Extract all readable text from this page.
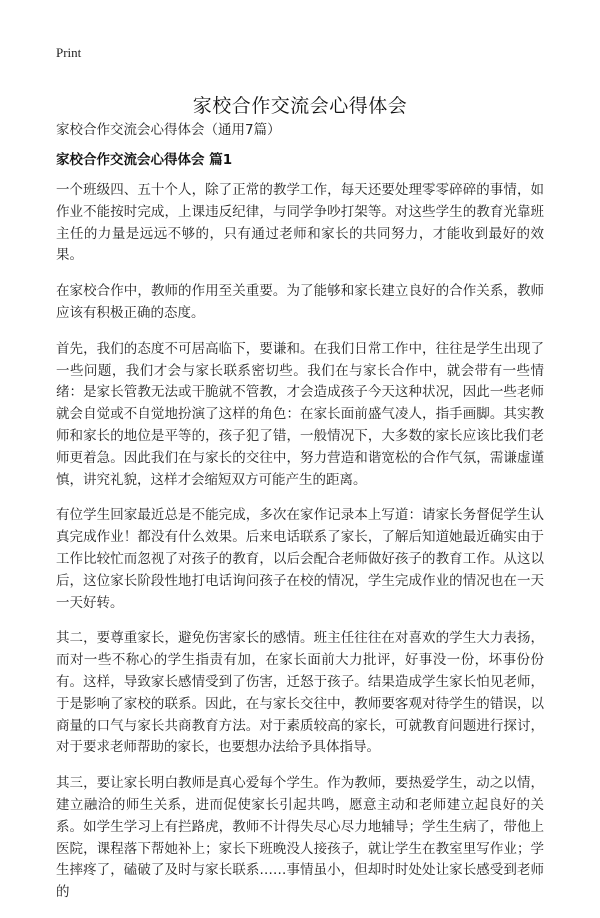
Print
家校合作交流会心得体会
家校合作交流会心得体会（通用7篇）
家校合作交流会心得体会 篇1

一个班级四、五十个人，除了正常的教学工作，每天还要处理零零碎碎的事情，如作业不能按时完成，上课违反纪律，与同学争吵打架等。对这些学生的教育光靠班主任的力量是远远不够的，只有通过老师和家长的共同努力，才能收到最好的效果。

在家校合作中，教师的作用至关重要。为了能够和家长建立良好的合作关系，教师应该有积极正确的态度。

首先，我们的态度不可居高临下，要谦和。在我们日常工作中，往往是学生出现了一些问题，我们才会与家长联系密切些。我们在与家长合作中，就会带有一些情绪：是家长管教无法或干脆就不管教，才会造成孩子今天这种状况，因此一些老师就会自觉或不自觉地扮演了这样的角色：在家长面前盛气凌人，指手画脚。其实教师和家长的地位是平等的，孩子犯了错，一般情况下，大多数的家长应该比我们老师更着急。因此我们在与家长的交往中，努力营造和谐宽松的合作气氛，需谦虚谨慎，讲究礼貌，这样才会缩短双方可能产生的距离。

有位学生回家最近总是不能完成，多次在家作记录本上写道：请家长务督促学生认真完成作业！都没有什么效果。后来电话联系了家长，了解后知道她最近确实由于工作比较忙而忽视了对孩子的教育，以后会配合老师做好孩子的教育工作。从这以后，这位家长阶段性地打电话询问孩子在校的情况，学生完成作业的情况也在一天一天好转。

其二，要尊重家长，避免伤害家长的感情。班主任往往在对喜欢的学生大力表扬，而对一些不称心的学生指责有加，在家长面前大力批评，好事没一份，坏事份份有。这样，导致家长感情受到了伤害，迁怒于孩子。结果造成学生家长怕见老师，于是影响了家校的联系。因此，在与家长交往中，教师要客观对待学生的错误，以商量的口气与家长共商教育方法。对于素质较高的家长，可就教育问题进行探讨，对于要求老师帮助的家长，也要想办法给予具体指导。

其三，要让家长明白教师是真心爱每个学生。作为教师，要热爱学生，动之以情，建立融洽的师生关系，进而促使家长引起共鸣，愿意主动和老师建立起良好的关系。如学生学习上有拦路虎，教师不计得失尽心尽力地辅导；学生生病了，带他上医院，课程落下帮她补上；家长下班晚没人接孩子，就让学生在教室里写作业；学生摔疼了，磕破了及时与家长联系……事情虽小，但却时时处处让家长感受到老师的
